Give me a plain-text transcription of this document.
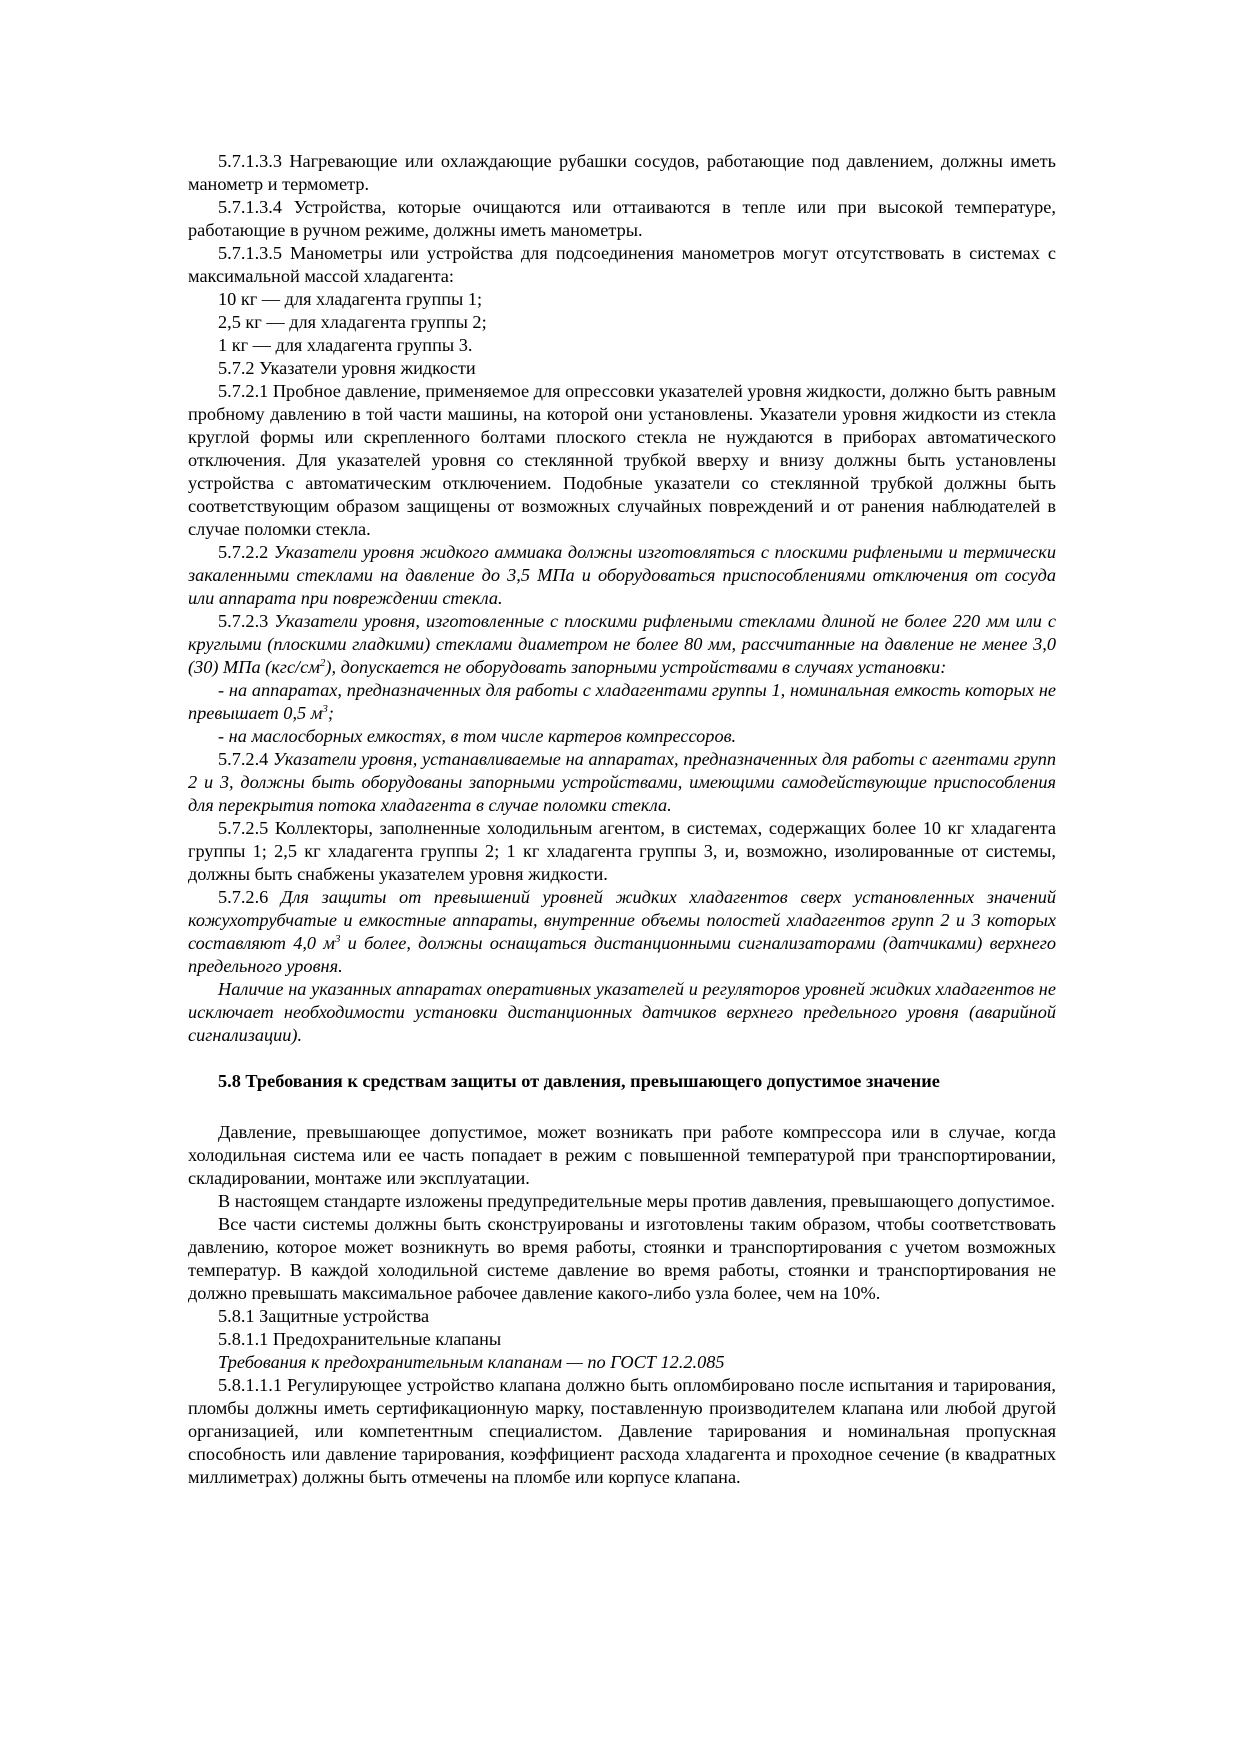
5.7.1.3.3 Нагревающие или охлаждающие рубашки сосудов, работающие под давлением, должны иметь манометр и термометр.

5.7.1.3.4 Устройства, которые очищаются или оттаиваются в тепле или при высокой температуре, работающие в ручном режиме, должны иметь манометры.

5.7.1.3.5 Манометры или устройства для подсоединения манометров могут отсутствовать в системах с максимальной массой хладагента:

10 кг — для хладагента группы 1;

2,5 кг — для хладагента группы 2;

1 кг — для хладагента группы 3.

5.7.2 Указатели уровня жидкости

5.7.2.1 Пробное давление, применяемое для опрессовки указателей уровня жидкости, должно быть равным пробному давлению в той части машины, на которой они установлены. Указатели уровня жидкости из стекла круглой формы или скрепленного болтами плоского стекла не нуждаются в приборах автоматического отключения. Для указателей уровня со стеклянной трубкой вверху и внизу должны быть установлены устройства с автоматическим отключением. Подобные указатели со стеклянной трубкой должны быть соответствующим образом защищены от возможных случайных повреждений и от ранения наблюдателей в случае поломки стекла.

5.7.2.2 Указатели уровня жидкого аммиака должны изготовляться с плоскими рифлеными и термически закаленными стеклами на давление до 3,5 МПа и оборудоваться приспособлениями отключения от сосуда или аппарата при повреждении стекла.

5.7.2.3 Указатели уровня, изготовленные с плоскими рифлеными стеклами длиной не более 220 мм или с круглыми (плоскими гладкими) стеклами диаметром не более 80 мм, рассчитанные на давление не менее 3,0 (30) МПа $(кгс/см^2)$, допускается не оборудовать запорными устройствами в случаях установки:

- на аппаратах, предназначенных для работы с хладагентами группы 1, номинальная емкость которых не превышает 0,5 $м^3$;

- на маслосборных емкостях, в том числе картеров компрессоров.

5.7.2.4 Указатели уровня, устанавливаемые на аппаратах, предназначенных для работы с агентами групп 2 и 3, должны быть оборудованы запорными устройствами, имеющими самодействующие приспособления для перекрытия потока хладагента в случае поломки стекла.

5.7.2.5 Коллекторы, заполненные холодильным агентом, в системах, содержащих более 10 кг хладагента группы 1; 2,5 кг хладагента группы 2; 1 кг хладагента группы 3, и, возможно, изолированные от системы, должны быть снабжены указателем уровня жидкости.

5.7.2.6 Для защиты от превышений уровней жидких хладагентов сверх установленных значений кожухотрубчатые и емкостные аппараты, внутренние объемы полостей хладагентов групп 2 и 3 которых составляют 4,0 $м^3$ и более, должны оснащаться дистанционными сигнализаторами (датчиками) верхнего предельного уровня.

Наличие на указанных аппаратах оперативных указателей и регуляторов уровней жидких хладагентов не исключает необходимости установки дистанционных датчиков верхнего предельного уровня (аварийной сигнализации).

5.8 Требования к средствам защиты от давления, превышающего допустимое значение

Давление, превышающее допустимое, может возникать при работе компрессора или в случае, когда холодильная система или ее часть попадает в режим с повышенной температурой при транспортировании, складировании, монтаже или эксплуатации.

В настоящем стандарте изложены предупредительные меры против давления, превышающего допустимое.

Все части системы должны быть сконструированы и изготовлены таким образом, чтобы соответствовать давлению, которое может возникнуть во время работы, стоянки и транспортирования с учетом возможных температур. В каждой холодильной системе давление во время работы, стоянки и транспортирования не должно превышать максимальное рабочее давление какого-либо узла более, чем на 10%.

5.8.1 Защитные устройства

5.8.1.1 Предохранительные клапаны

Требования к предохранительным клапанам — по ГОСТ 12.2.085

5.8.1.1.1 Регулирующее устройство клапана должно быть опломбировано после испытания и тарирования, пломбы должны иметь сертификационную марку, поставленную производителем клапана или любой другой организацией, или компетентным специалистом. Давление тарирования и номинальная пропускная способность или давление тарирования, коэффициент расхода хладагента и проходное сечение (в квадратных миллиметрах) должны быть отмечены на пломбе или корпусе клапана.
